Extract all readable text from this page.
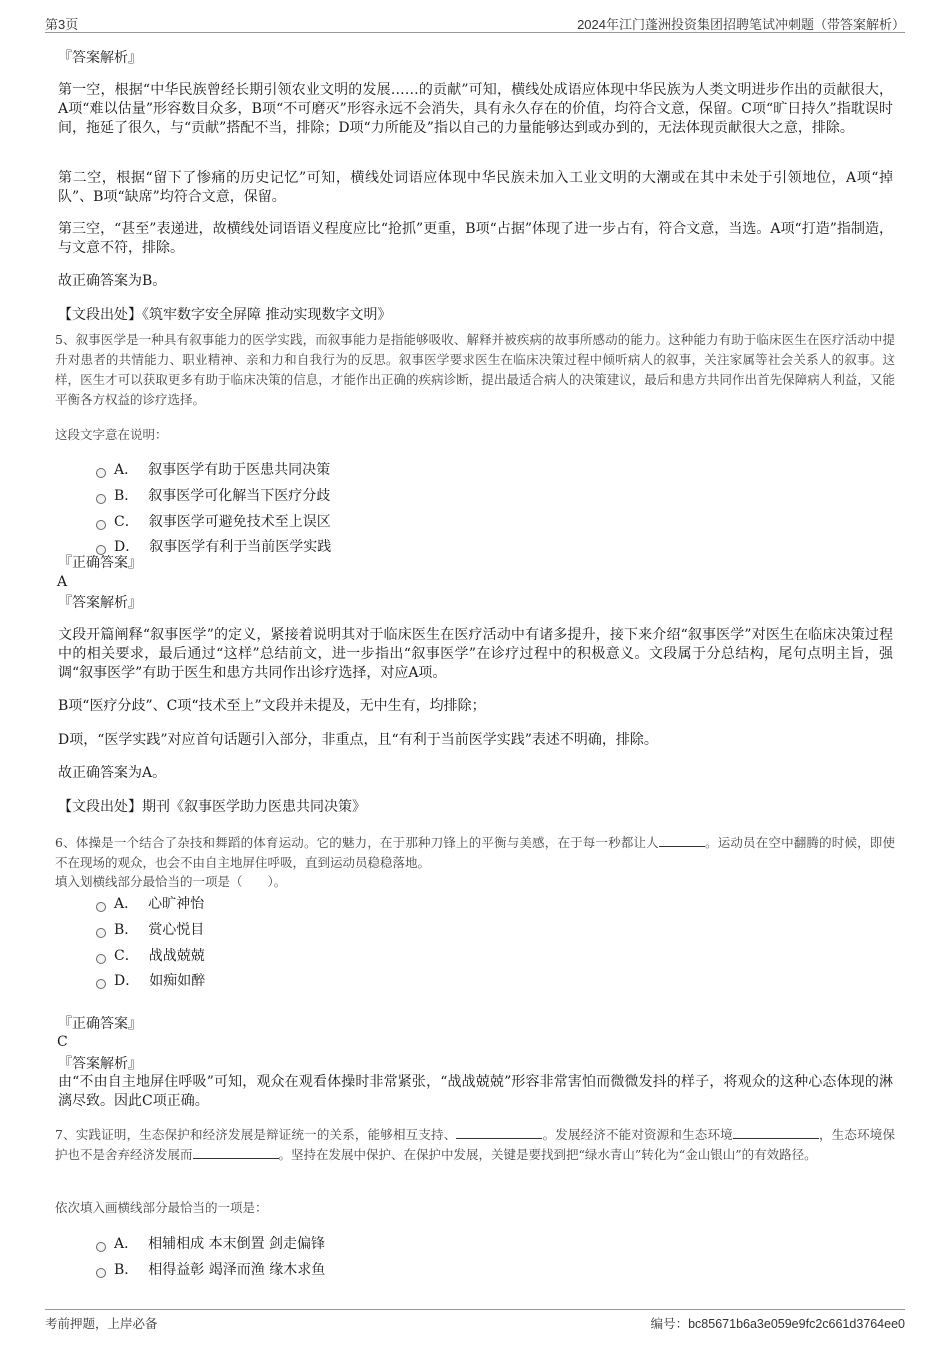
第3页	2024年江门蓬洲投资集团招聘笔试冲刺题（带答案解析）
『答案解析』
第一空，根据“中华民族曾经长期引领农业文明的发展……的贡献”可知，横线处成语应体现中华民族为人类文明进步作出的贡献很大，A项“难以估量”形容数目众多，B项“不可磨灭”形容永远不会消失，具有永久存在的价值，均符合文意，保留。C项“旷日持久”指耽误时间，拖延了很久，与“贡献”搭配不当，排除；D项“力所能及”指以自己的力量能够达到或办到的，无法体现贡献很大之意，排除。
第二空，根据“留下了惨痛的历史记忆”可知，横线处词语应体现中华民族未加入工业文明的大潮或在其中未处于引领地位，A项“掉队”、B项“缺席”均符合文意，保留。
第三空，“甚至”表递进，故横线处词语语义程度应比“抢抓”更重，B项“占据”体现了进一步占有，符合文意，当选。A项“打造”指制造，与文意不符，排除。
故正确答案为B。
【文段出处】《筑牢数字安全屏障 推动实现数字文明》
5、叙事医学是一种具有叙事能力的医学实践，而叙事能力是指能够吸收、解释并被疾病的故事所感动的能力。这种能力有助于临床医生在医疗活动中提升对患者的共情能力、职业精神、亲和力和自我行为的反思。叙事医学要求医生在临床决策过程中倾听病人的叙事，关注家属等社会关系人的叙事。这样，医生才可以获取更多有助于临床决策的信息，才能作出正确的疾病诊断，提出最适合病人的决策建议，最后和患方共同作出首先保障病人利益，又能平衡各方权益的诊疗选择。
这段文字意在说明：
A． 叙事医学有助于医患共同决策
B． 叙事医学可化解当下医疗分歧
C． 叙事医学可避免技术至上误区
D． 叙事医学有利于当前医学实践
『正确答案』
A
『答案解析』
文段开篇阐释“叙事医学”的定义，紧接着说明其对于临床医生在医疗活动中有诸多提升，接下来介绍“叙事医学”对医生在临床决策过程中的相关要求，最后通过“这样”总结前文，进一步指出“叙事医学”在诊疗过程中的积极意义。文段属于分总结构，尾句点明主旨，强调“叙事医学”有助于医生和患方共同作出诊疗选择，对应A项。
B项“医疗分歧”、C项“技术至上”文段并未提及，无中生有，均排除；
D项，“医学实践”对应首句话题引入部分，非重点，且“有利于当前医学实践”表述不明确，排除。
故正确答案为A。
【文段出处】期刊《叙事医学助力医患共同决策》
6、体操是一个结合了杂技和舞蹈的体育运动。它的魅力，在于那种刀锋上的平衡与美感，在于每一秒都让人	。运动员在空中翻腾的时候，即使不在现场的观众，也会不由自主地屏住呼吸，直到运动员稳稳落地。
填入划横线部分最恰当的一项是（　　）。
A． 心旷神怡
B． 赏心悦目
C． 战战兢兢
D． 如痴如醉
『正确答案』
C
『答案解析』
由“不由自主地屏住呼吸”可知，观众在观看体操时非常紧张，“战战兢兢”形容非常害怕而微微发抖的样子，将观众的这种心态体现的淋漓尽致。因此C项正确。
7、实践证明，生态保护和经济发展是辩证统一的关系，能够相互支持、	。发展经济不能对资源和生态环境	，生态环境保护也不是舍弃经济发展而	。坚持在发展中保护、在保护中发展，关键是要找到把“绿水青山”转化为“金山银山”的有效路径。
依次填入画横线部分最恰当的一项是：
A． 相辅相成 本末倒置 剑走偏锋
B． 相得益彰 竭泽而渔 缘木求鱼
考前押题，上岸必备	编号：bc85671b6a3e059e9fc2c661d3764ee0
